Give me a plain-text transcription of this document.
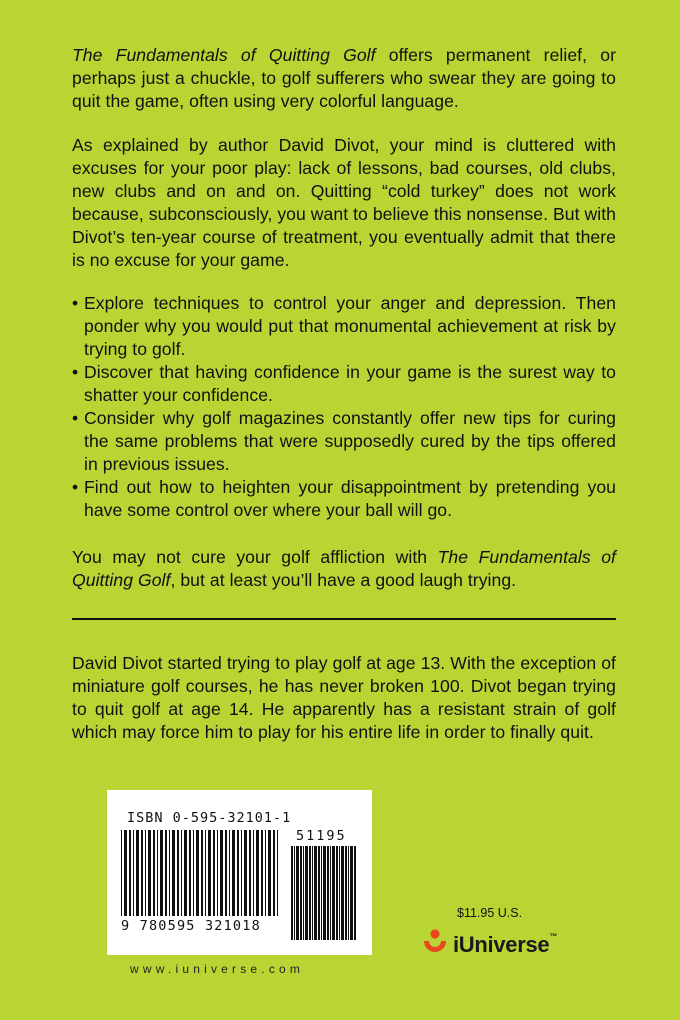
The Fundamentals of Quitting Golf offers permanent relief, or perhaps just a chuckle, to golf sufferers who swear they are going to quit the game, often using very colorful language.
As explained by author David Divot, your mind is cluttered with excuses for your poor play: lack of lessons, bad courses, old clubs, new clubs and on and on. Quitting “cold turkey” does not work because, subconsciously, you want to believe this nonsense. But with Divot’s ten-year course of treatment, you eventually admit that there is no excuse for your game.
• Explore techniques to control your anger and depression. Then ponder why you would put that monumental achievement at risk by trying to golf.
• Discover that having confidence in your game is the surest way to shatter your confidence.
• Consider why golf magazines constantly offer new tips for curing the same problems that were supposedly cured by the tips offered in previous issues.
• Find out how to heighten your disappointment by pretending you have some control over where your ball will go.
You may not cure your golf affliction with The Fundamentals of Quitting Golf, but at least you’ll have a good laugh trying.
David Divot started trying to play golf at age 13. With the exception of miniature golf courses, he has never broken 100. Divot began trying to quit golf at age 14. He apparently has a resistant strain of golf which may force him to play for his entire life in order to finally quit.
ISBN 0-595-32101-1
51195
9 780595 321018
www.iuniverse.com
$11.95 U.S.
iUniverse™
